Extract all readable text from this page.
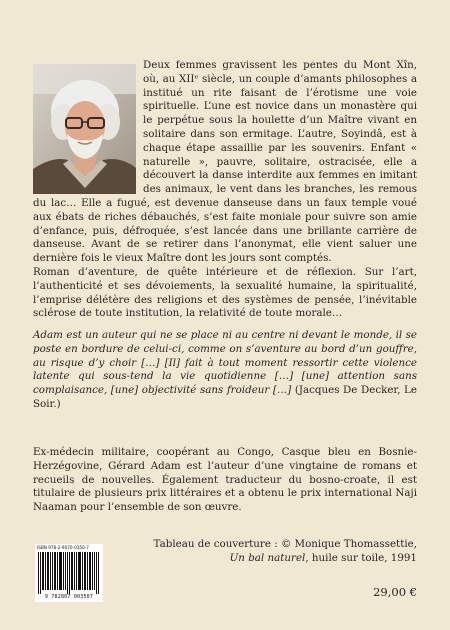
Deux femmes gravissent les pentes du Mont Xîn, où, au XIIᵉ siècle, un couple d’amants philosophes a institué un rite faisant de l’érotisme une voie spirituelle. L’une est novice dans un monastère qui le perpétue sous la houlette d’un Maître vivant en solitaire dans son ermitage. L’autre, Soyindâ, est à chaque étape assaillie par les souvenirs. Enfant « naturelle », pauvre, solitaire, ostracisée, elle a découvert la danse interdite aux femmes en imitant des animaux, le vent dans les branches, les remous du lac… Elle a fugué, est devenue danseuse dans un faux temple voué aux ébats de riches débauchés, s’est faite moniale pour suivre son amie d’enfance, puis, défroquée, s’est lancée dans une brillante carrière de danseuse. Avant de se retirer dans l’anonymat, elle vient saluer une dernière fois le vieux Maître dont les jours sont comptés.

Roman d’aventure, de quête intérieure et de réflexion. Sur l’art, l’authenticité et ses dévoiements, la sexualité humaine, la spiritualité, l’emprise délétère des religions et des systèmes de pensée, l’inévitable sclérose de toute institution, la relativité de toute morale…

Adam est un auteur qui ne se place ni au centre ni devant le monde, il se poste en bordure de celui-ci, comme on s’aventure au bord d’un gouffre, au risque d’y choir […] [Il] fait à tout moment ressortir cette violence latente qui sous-tend la vie quotidienne […] [une] attention sans complaisance, [une] objectivité sans froideur […] (Jacques De Decker, Le Soir.)

Ex-médecin militaire, coopérant au Congo, Casque bleu en Bosnie-Herzégovine, Gérard Adam est l’auteur d’une vingtaine de romans et recueils de nouvelles. Également traducteur du bosno-croate, il est titulaire de plusieurs prix littéraires et a obtenu le prix international Naji Naaman pour l’ensemble de son œuvre.

ISBN 978-2-9070-0350-7
9 782807 003507
Tableau de couverture : © Monique Thomassettie,
Un bal naturel, huile sur toile, 1991
29,00 €
